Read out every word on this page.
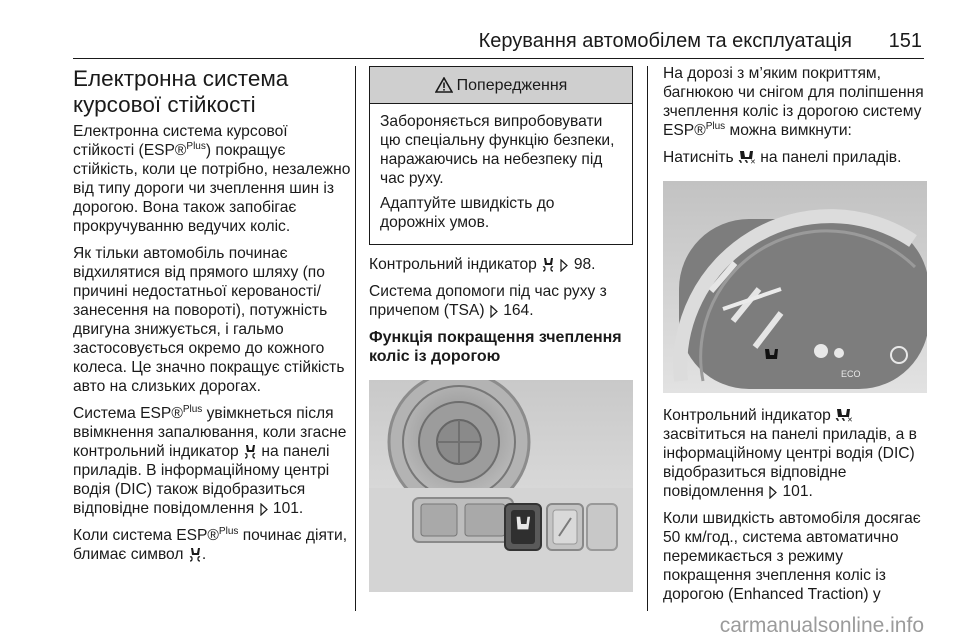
Керування автомобілем та експлуатація 151
Електронна система курсової стійкості

Електронна система курсової стійкості (ESP®$^{Plus}$) покращує стійкість, коли це потрібно, незалежно від типу дороги чи зчеплення шин із дорогою. Вона також запобігає прокручуванню ведучих коліс.

Як тільки автомобіль починає відхилятися від прямого шляху (по причині недостатньої керованості/занесення на повороті), потужність двигуна знижується, і гальмо застосовується окремо до кожного колеса. Це значно покращує стійкість авто на слизьких дорогах.

Система ESP®$^{Plus}$ увімкнеться після ввімкнення запалювання, коли згасне контрольний індикатор  на панелі приладів. В інформаційному центрі водія (DIC) також відобразиться відповідне повідомлення  101.

Коли система ESP®$^{Plus}$ починає діяти, блимає символ .

Попередження

Забороняється випробовувати цю спеціальну функцію безпеки, наражаючись на небезпеку під час руху.

Адаптуйте швидкість до дорожніх умов.

Контрольний індикатор   98.

Система допомоги під час руху з причепом (TSA)  164.

Функція покращення зчеплення коліс із дорогою

На дорозі з м’яким покриттям, багнюкою чи снігом для поліпшення зчеплення коліс із дорогою систему ESP®$^{Plus}$ можна вимкнути:

Натисніть ✕ на панелі приладів.

ECO

Контрольний індикатор ✕
засвітиться на панелі приладів, а в інформаційному центрі водія (DIC) відобразиться відповідне повідомлення  101.

Коли швидкість автомобіля досягає 50 км/год., система автоматично перемикається з режиму покращення зчеплення коліс із дорогою (Enhanced Traction) у

carmanualsonline.info
